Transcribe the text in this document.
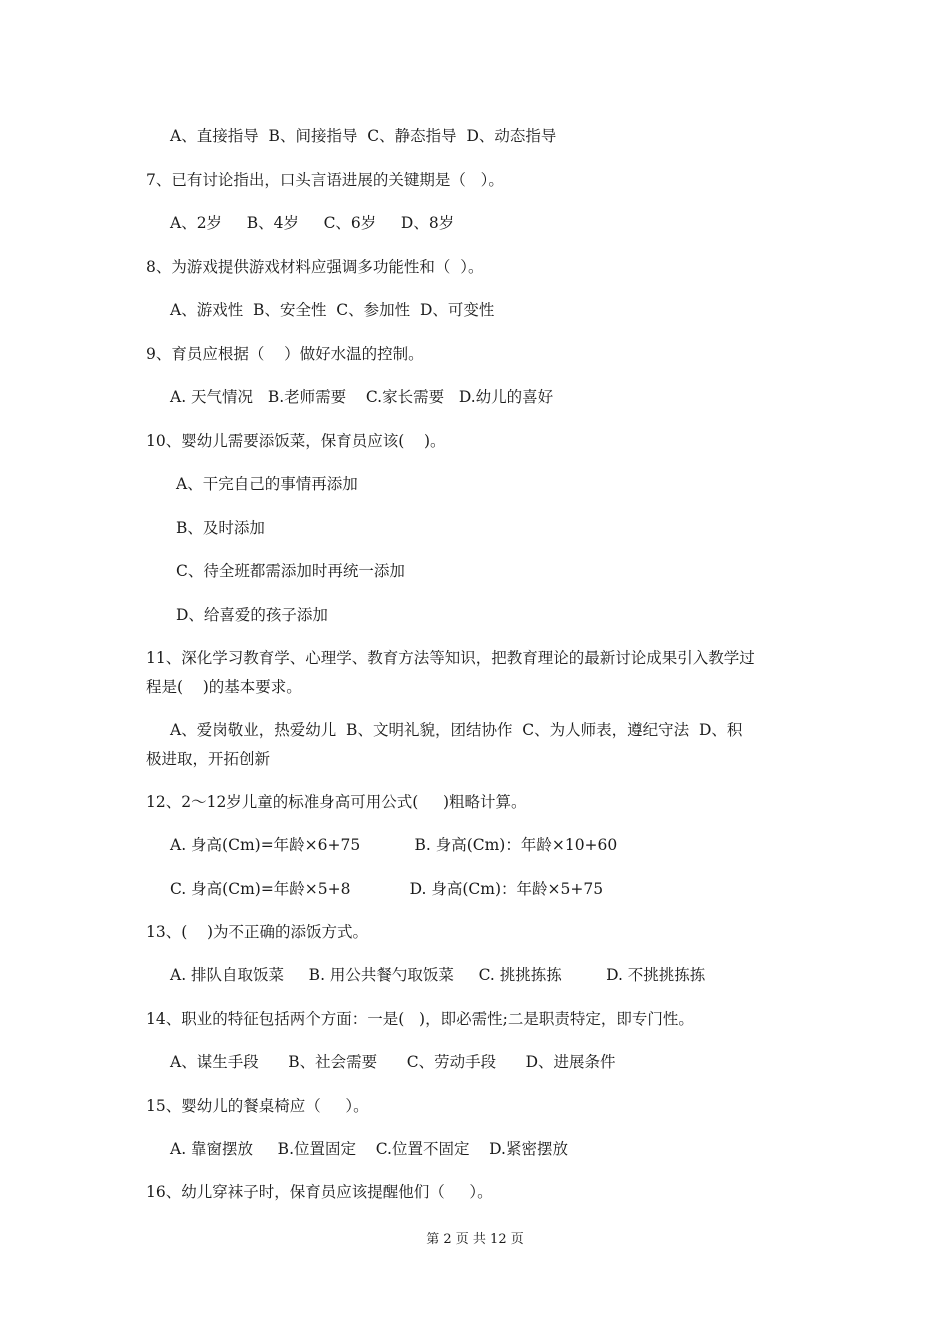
A、直接指导  B、间接指导  C、静态指导  D、动态指导
7、已有讨论指出，口头言语进展的关键期是（   ）。
A、2岁     B、4岁     C、6岁     D、8岁
8、为游戏提供游戏材料应强调多功能性和（  ）。
A、游戏性  B、安全性  C、参加性  D、可变性
9、育员应根据（    ）做好水温的控制。
A. 天气情况   B.老师需要    C.家长需要   D.幼儿的喜好
10、婴幼儿需要添饭菜，保育员应该(    )。
A、干完自己的事情再添加
B、及时添加
C、待全班都需添加时再统一添加
D、给喜爱的孩子添加
11、深化学习教育学、心理学、教育方法等知识，把教育理论的最新讨论成果引入教学过
程是(    )的基本要求。
A、爱岗敬业，热爱幼儿  B、文明礼貌，团结协作  C、为人师表，遵纪守法  D、积
极进取，开拓创新
12、2～12岁儿童的标准身高可用公式(     )粗略计算。
A. 身高(Cm)=年龄×6+75           B. 身高(Cm)：年龄×10+60
C. 身高(Cm)=年龄×5+8            D. 身高(Cm)：年龄×5+75
13、(    )为不正确的添饭方式。
A. 排队自取饭菜     B. 用公共餐勺取饭菜     C. 挑挑拣拣         D. 不挑挑拣拣
14、职业的特征包括两个方面：一是(   )，即必需性;二是职责特定，即专门性。
A、谋生手段      B、社会需要      C、劳动手段      D、进展条件
15、婴幼儿的餐桌椅应（     ）。
A. 靠窗摆放     B.位置固定    C.位置不固定    D.紧密摆放
16、幼儿穿袜子时，保育员应该提醒他们（     ）。
第 2 页 共 12 页
